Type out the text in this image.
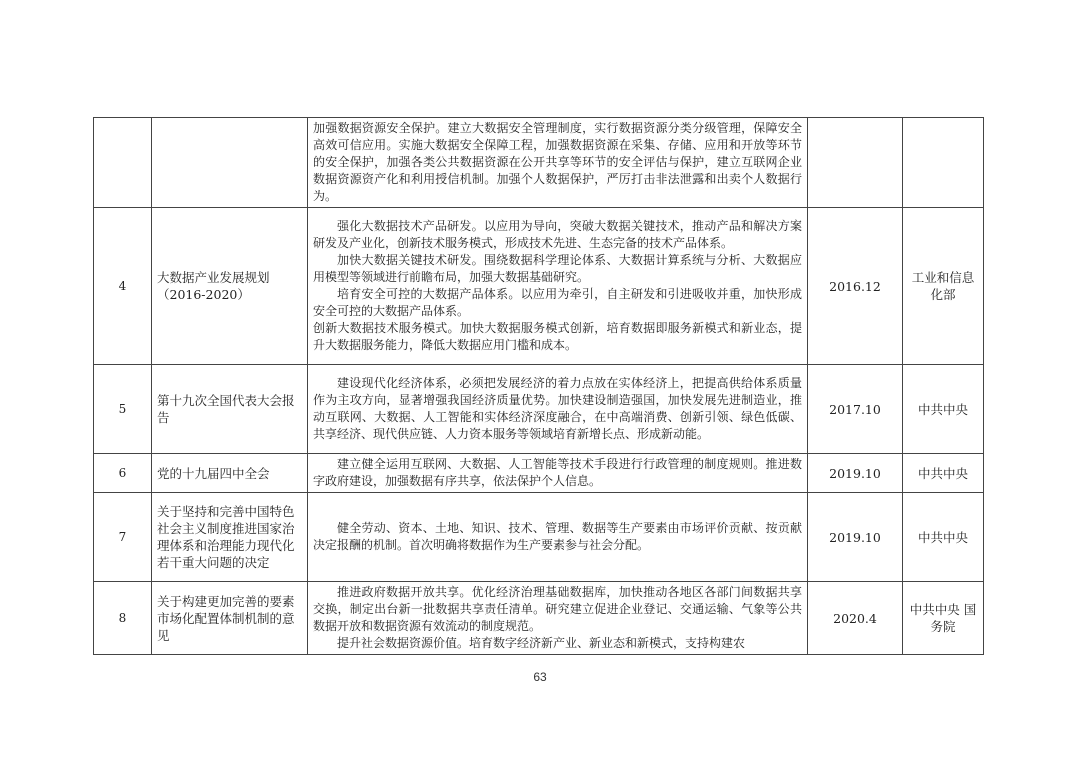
		加强数据资源安全保护。建立大数据安全管理制度，实行数据资源分类分级管理，保障安全高效可信应用。实施大数据安全保障工程，加强数据资源在采集、存储、应用和开放等环节的安全保护，加强各类公共数据资源在公开共享等环节的安全评估与保护，建立互联网企业数据资源资产化和利用授信机制。加强个人数据保护，严厉打击非法泄露和出卖个人数据行为。		

4	大数据产业发展规划（2016-2020）	强化大数据技术产品研发。以应用为导向，突破大数据关键技术，推动产品和解决方案研发及产业化，创新技术服务模式，形成技术先进、生态完备的技术产品体系。

加快大数据关键技术研发。围绕数据科学理论体系、大数据计算系统与分析、大数据应用模型等领域进行前瞻布局，加强大数据基础研究。

培育安全可控的大数据产品体系。以应用为牵引，自主研发和引进吸收并重，加快形成安全可控的大数据产品体系。

创新大数据技术服务模式。加快大数据服务模式创新，培育数据即服务新模式和新业态，提升大数据服务能力，降低大数据应用门槛和成本。	2016.12	工业和信息化部
5	第十九次全国代表大会报告	建设现代化经济体系，必须把发展经济的着力点放在实体经济上，把提高供给体系质量作为主攻方向，显著增强我国经济质量优势。加快建设制造强国，加快发展先进制造业，推动互联网、大数据、人工智能和实体经济深度融合，在中高端消费、创新引领、绿色低碳、共享经济、现代供应链、人力资本服务等领域培育新增长点、形成新动能。	2017.10	中共中央
6	党的十九届四中全会	建立健全运用互联网、大数据、人工智能等技术手段进行行政管理的制度规则。推进数字政府建设，加强数据有序共享，依法保护个人信息。	2019.10	中共中央
7	关于坚持和完善中国特色社会主义制度推进国家治理体系和治理能力现代化若干重大问题的决定	健全劳动、资本、土地、知识、技术、管理、数据等生产要素由市场评价贡献、按贡献决定报酬的机制。首次明确将数据作为生产要素参与社会分配。	2019.10	中共中央
8	关于构建更加完善的要素市场化配置体制机制的意见	推进政府数据开放共享。优化经济治理基础数据库，加快推动各地区各部门间数据共享交换，制定出台新一批数据共享责任清单。研究建立促进企业登记、交通运输、气象等公共数据开放和数据资源有效流动的制度规范。

提升社会数据资源价值。培育数字经济新产业、新业态和新模式，支持构建农	2020.4	中共中央 国务院
63
